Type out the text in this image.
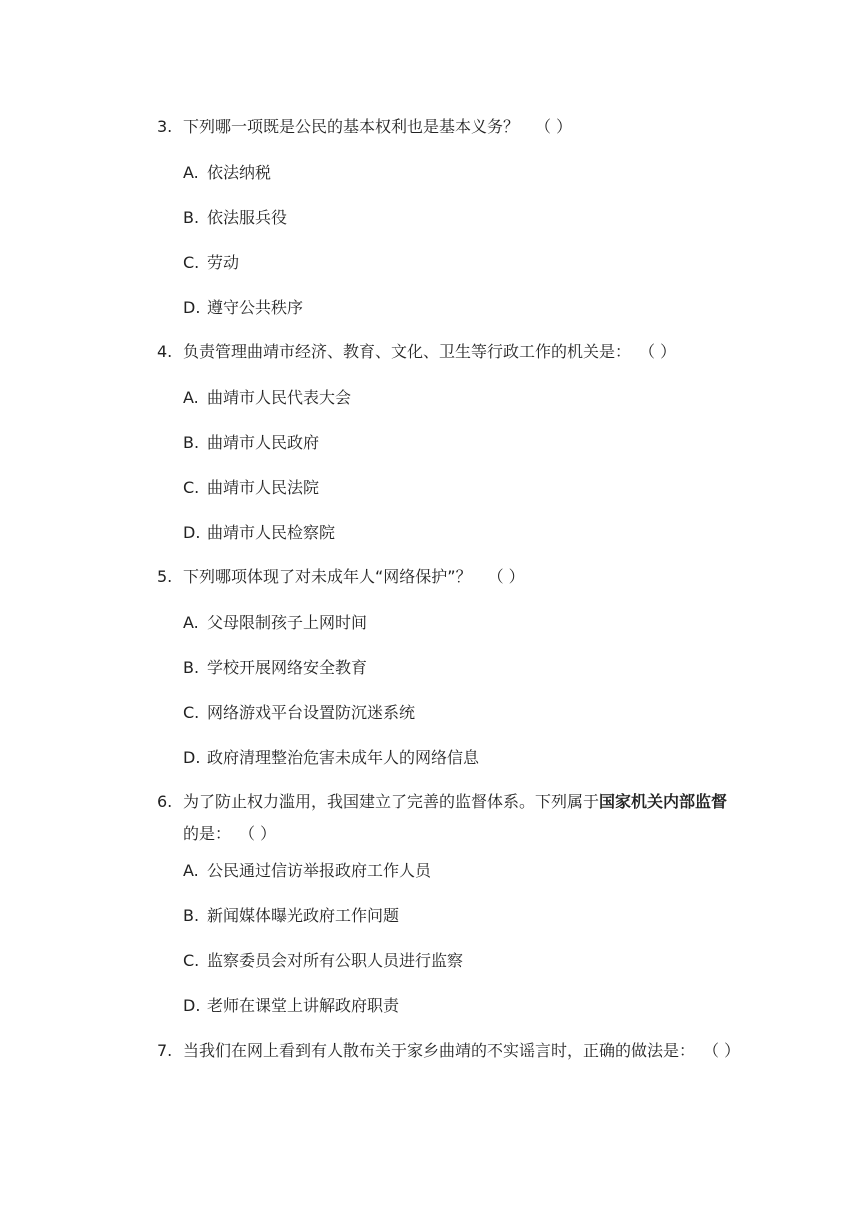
3. 下列哪一项既是公民的基本权利也是基本义务？ （ ）
A. 依法纳税
B. 依法服兵役
C. 劳动
D. 遵守公共秩序
4. 负责管理曲靖市经济、教育、文化、卫生等行政工作的机关是： （ ）
A. 曲靖市人民代表大会
B. 曲靖市人民政府
C. 曲靖市人民法院
D. 曲靖市人民检察院
5. 下列哪项体现了对未成年人“网络保护”？ （ ）
A. 父母限制孩子上网时间
B. 学校开展网络安全教育
C. 网络游戏平台设置防沉迷系统
D. 政府清理整治危害未成年人的网络信息
6. 为了防止权力滥用，我国建立了完善的监督体系。下列属于国家机关内部监督的是： （ ）
A. 公民通过信访举报政府工作人员
B. 新闻媒体曝光政府工作问题
C. 监察委员会对所有公职人员进行监察
D. 老师在课堂上讲解政府职责
7. 当我们在网上看到有人散布关于家乡曲靖的不实谣言时，正确的做法是： （ ）
